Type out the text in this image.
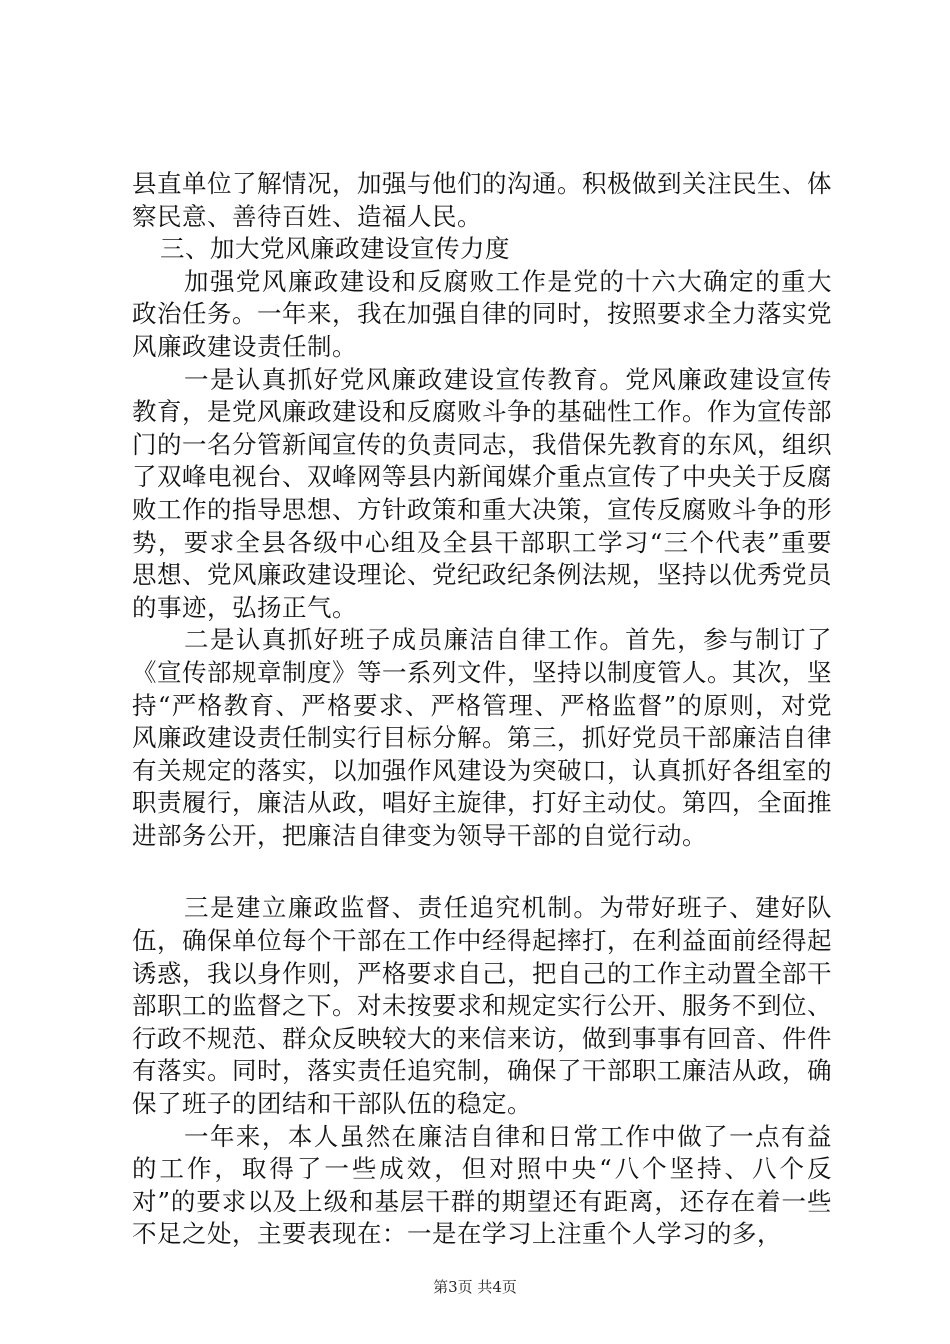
县直单位了解情况，加强与他们的沟通。积极做到关注民生、体察民意、善待百姓、造福人民。

三、加大党风廉政建设宣传力度

加强党风廉政建设和反腐败工作是党的十六大确定的重大政治任务。一年来，我在加强自律的同时，按照要求全力落实党风廉政建设责任制。

一是认真抓好党风廉政建设宣传教育。党风廉政建设宣传教育，是党风廉政建设和反腐败斗争的基础性工作。作为宣传部门的一名分管新闻宣传的负责同志，我借保先教育的东风，组织了双峰电视台、双峰网等县内新闻媒介重点宣传了中央关于反腐败工作的指导思想、方针政策和重大决策，宣传反腐败斗争的形势，要求全县各级中心组及全县干部职工学习“三个代表”重要思想、党风廉政建设理论、党纪政纪条例法规，坚持以优秀党员的事迹，弘扬正气。

二是认真抓好班子成员廉洁自律工作。首先，参与制订了《宣传部规章制度》等一系列文件，坚持以制度管人。其次，坚持“严格教育、严格要求、严格管理、严格监督”的原则，对党风廉政建设责任制实行目标分解。第三，抓好党员干部廉洁自律有关规定的落实，以加强作风建设为突破口，认真抓好各组室的职责履行，廉洁从政，唱好主旋律，打好主动仗。第四，全面推进部务公开，把廉洁自律变为领导干部的自觉行动。

三是建立廉政监督、责任追究机制。为带好班子、建好队伍，确保单位每个干部在工作中经得起摔打，在利益面前经得起诱惑，我以身作则，严格要求自己，把自己的工作主动置全部干部职工的监督之下。对未按要求和规定实行公开、服务不到位、行政不规范、群众反映较大的来信来访，做到事事有回音、件件有落实。同时，落实责任追究制，确保了干部职工廉洁从政，确保了班子的团结和干部队伍的稳定。

一年来，本人虽然在廉洁自律和日常工作中做了一点有益的工作，取得了一些成效，但对照中央“八个坚持、八个反对”的要求以及上级和基层干群的期望还有距离，还存在着一些不足之处，主要表现在：一是在学习上注重个人学习的多，

第3页 共4页
